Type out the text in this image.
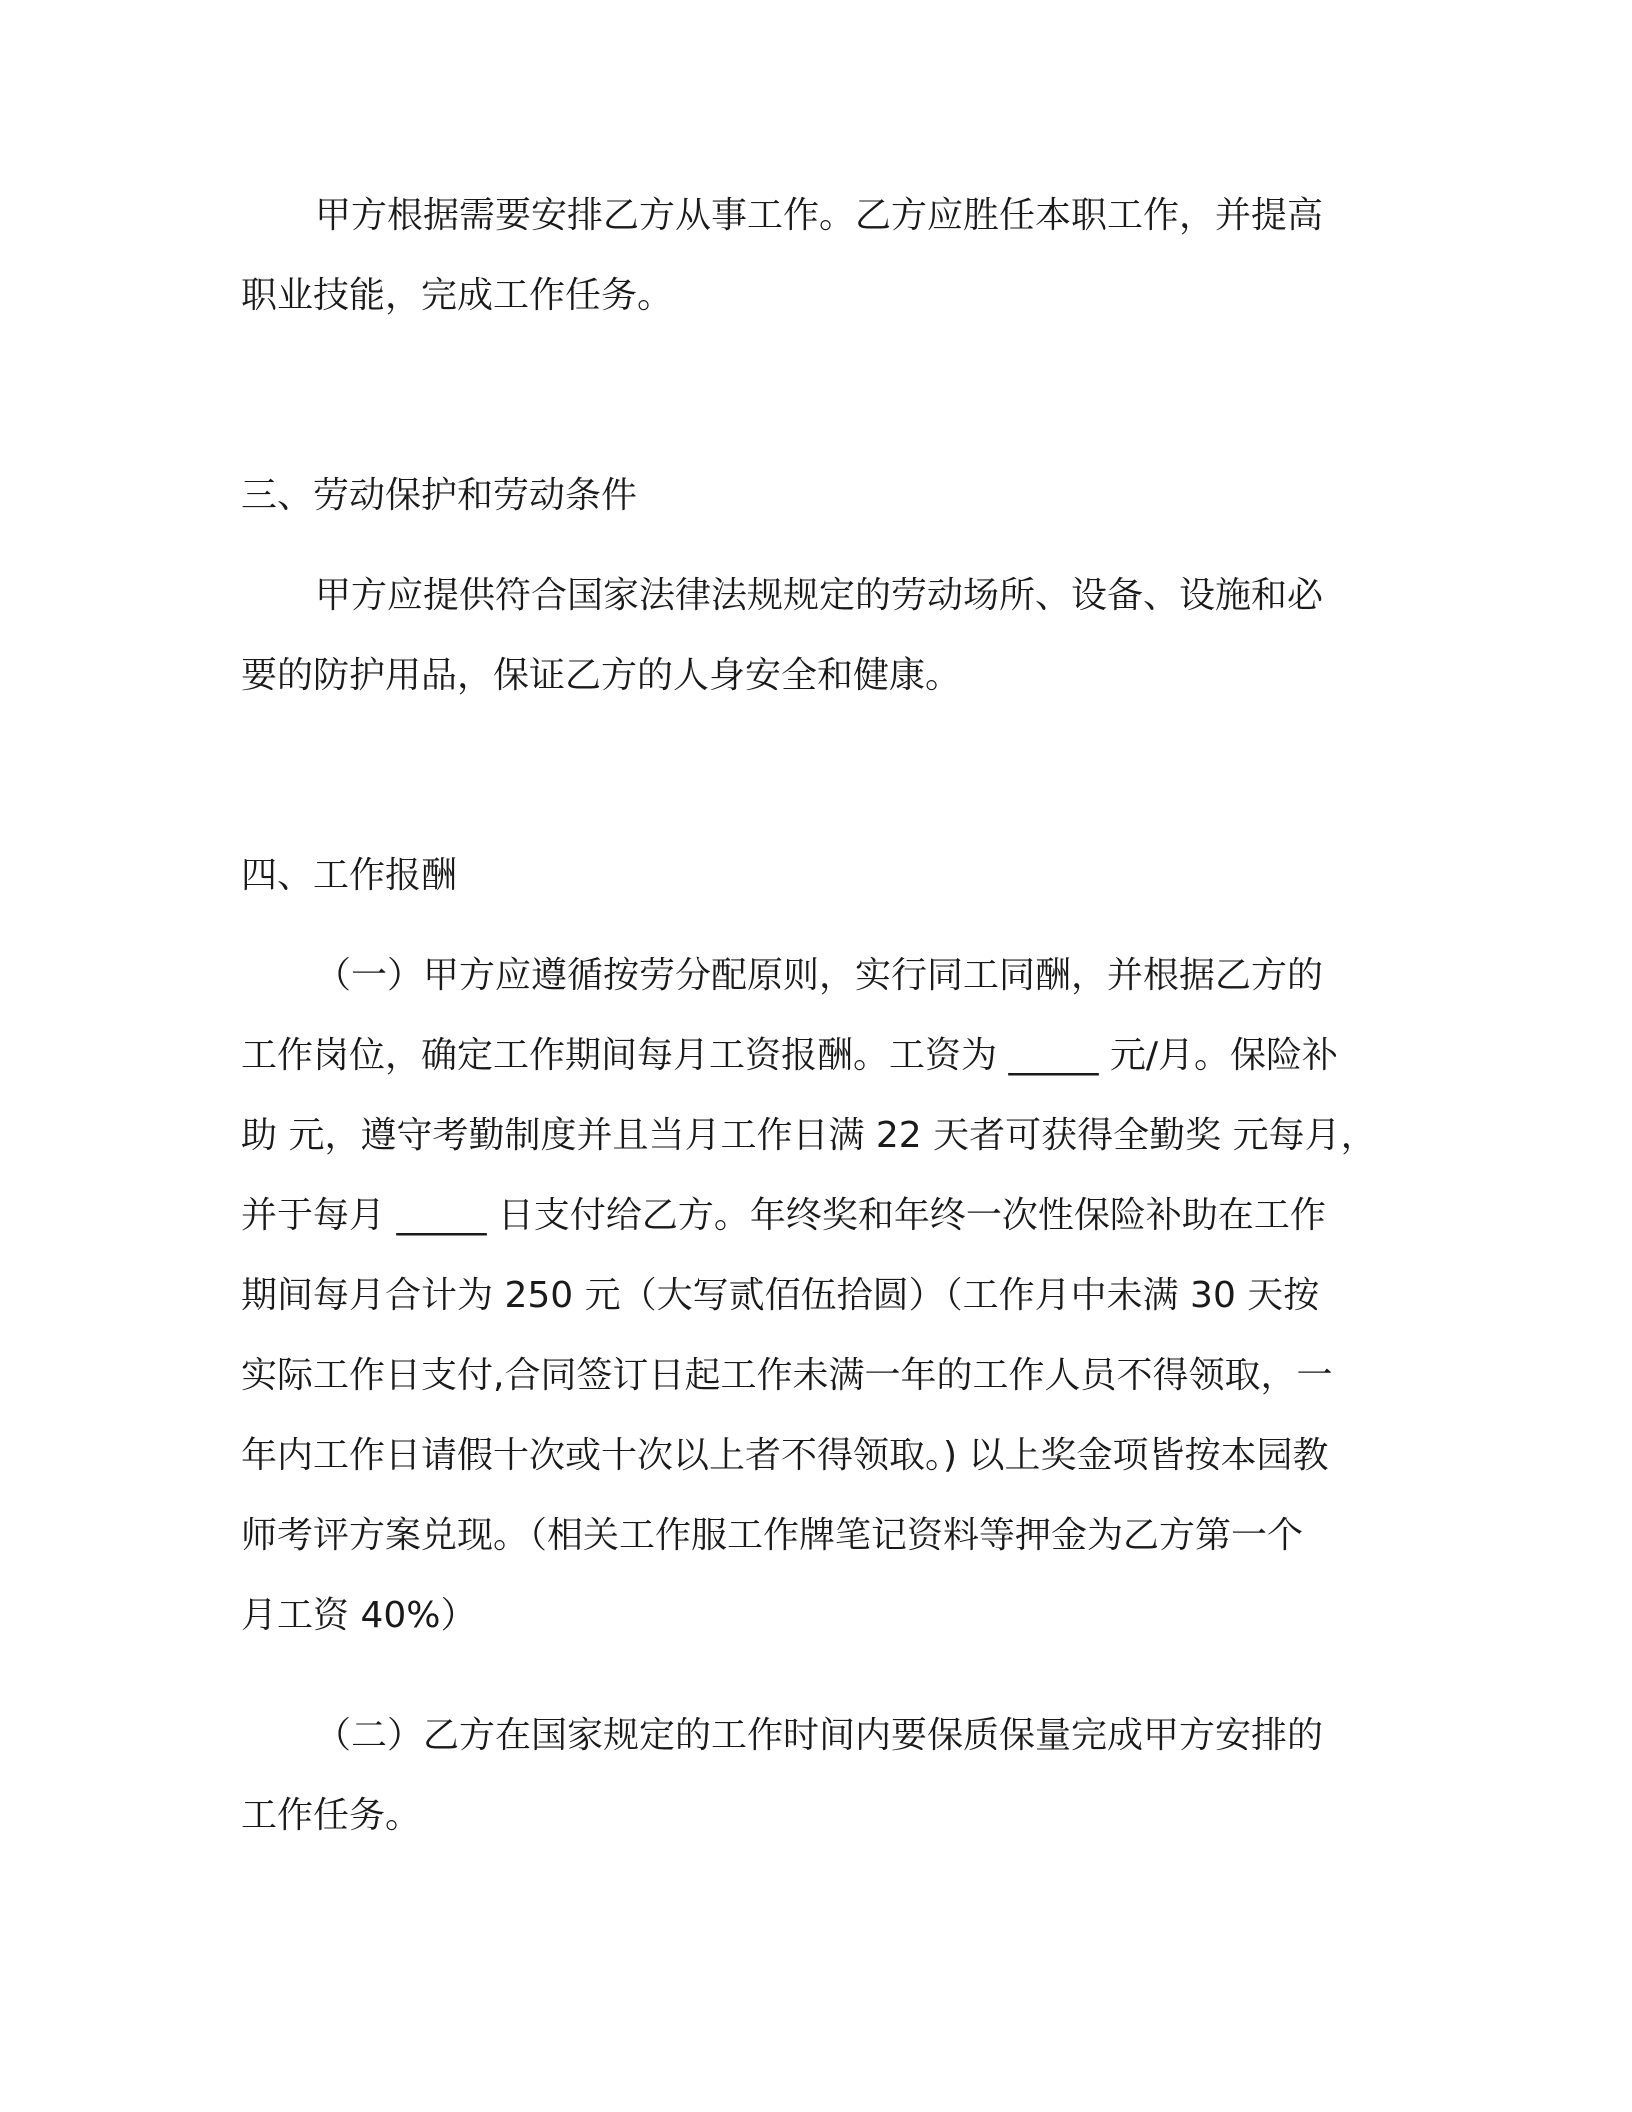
甲方根据需要安排乙方从事工作。乙方应胜任本职工作，并提高

职业技能，完成工作任务。

三、劳动保护和劳动条件

甲方应提供符合国家法律法规规定的劳动场所、设备、设施和必

要的防护用品，保证乙方的人身安全和健康。

四、工作报酬

（一）甲方应遵循按劳分配原则，实行同工同酬，并根据乙方的

工作岗位，确定工作期间每月工资报酬。工资为 _____ 元/月。保险补

助 元，遵守考勤制度并且当月工作日满 22 天者可获得全勤奖 元每月，

并于每月 _____ 日支付给乙方。年终奖和年终一次性保险补助在工作

期间每月合计为 250 元（大写贰佰伍拾圆）（工作月中未满 30 天按

实际工作日支付,合同签订日起工作未满一年的工作人员不得领取，一

年内工作日请假十次或十次以上者不得领取。) 以上奖金项皆按本园教

师考评方案兑现。（相关工作服工作牌笔记资料等押金为乙方第一个

月工资 40%）

（二）乙方在国家规定的工作时间内要保质保量完成甲方安排的

工作任务。
